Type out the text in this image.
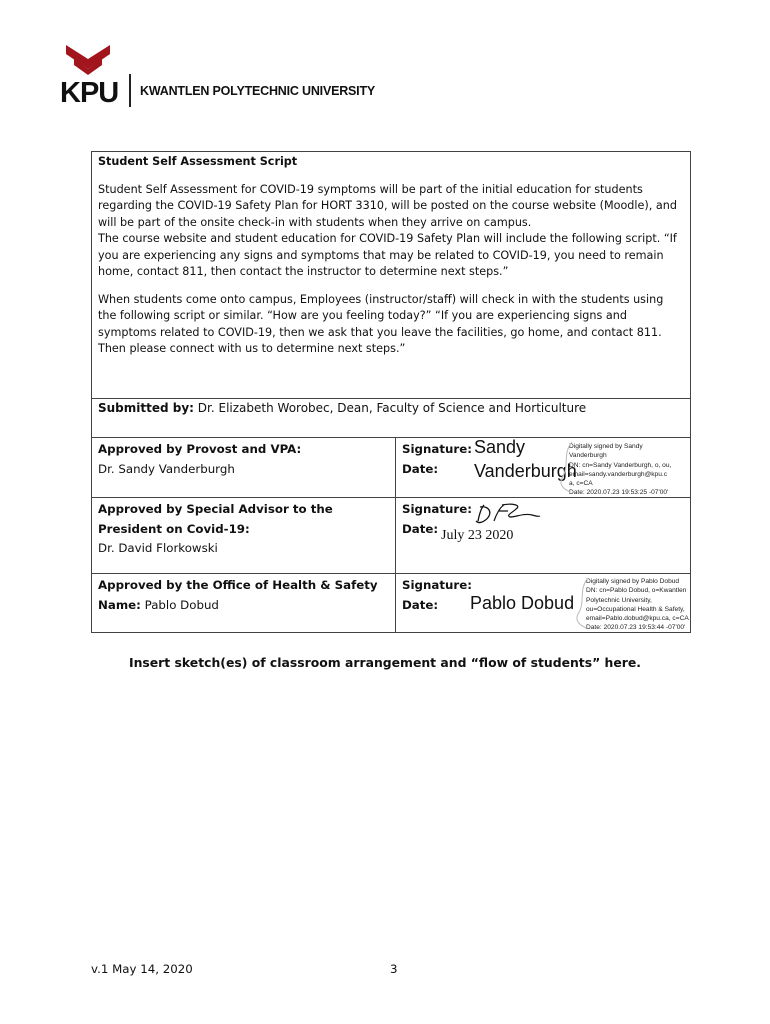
KPU KWANTLEN POLYTECHNIC UNIVERSITY

Student Self Assessment Script

Student Self Assessment for COVID-19 symptoms will be part of the initial education for students regarding the COVID-19 Safety Plan for HORT 3310, will be posted on the course website (Moodle), and will be part of the onsite check-in with students when they arrive on campus.

The course website and student education for COVID-19 Safety Plan will include the following script. “If you are experiencing any signs and symptoms that may be related to COVID-19, you need to remain home, contact 811, then contact the instructor to determine next steps.”

When students come onto campus, Employees (instructor/staff) will check in with the students using the following script or similar. “How are you feeling today?” “If you are experiencing signs and symptoms related to COVID-19, then we ask that you leave the facilities, go home, and contact 811. Then please connect with us to determine next steps.”

Submitted by: Dr. Elizabeth Worobec, Dean, Faculty of Science and Horticulture
Approved by Provost and VPA:
Dr. Sandy Vanderburgh
Signature:
Date:
Sandy
Vanderburgh
Digitally signed by Sandy
Vanderburgh
DN: cn=Sandy Vanderburgh, o, ou,
email=sandy.vanderburgh@kpu.c
a, c=CA
Date: 2020.07.23 19:53:25 -07'00'
Approved by Special Advisor to the President on Covid-19:
Dr. David Florkowski
Signature:
Date: July 23 2020
Approved by the Office of Health & Safety Name: Pablo Dobud
Signature:
Date:	Pablo Dobud
Digitally signed by Pablo Dobud
DN: cn=Pablo Dobud, o=Kwantlen
Polytechnic University,
ou=Occupational Health & Safety,
email=Pablo.dobud@kpu.ca, c=CA
Date: 2020.07.23 19:53:44 -07'00'
Insert sketch(es) of classroom arrangement and “flow of students” here.
v.1 May 14, 2020	3
